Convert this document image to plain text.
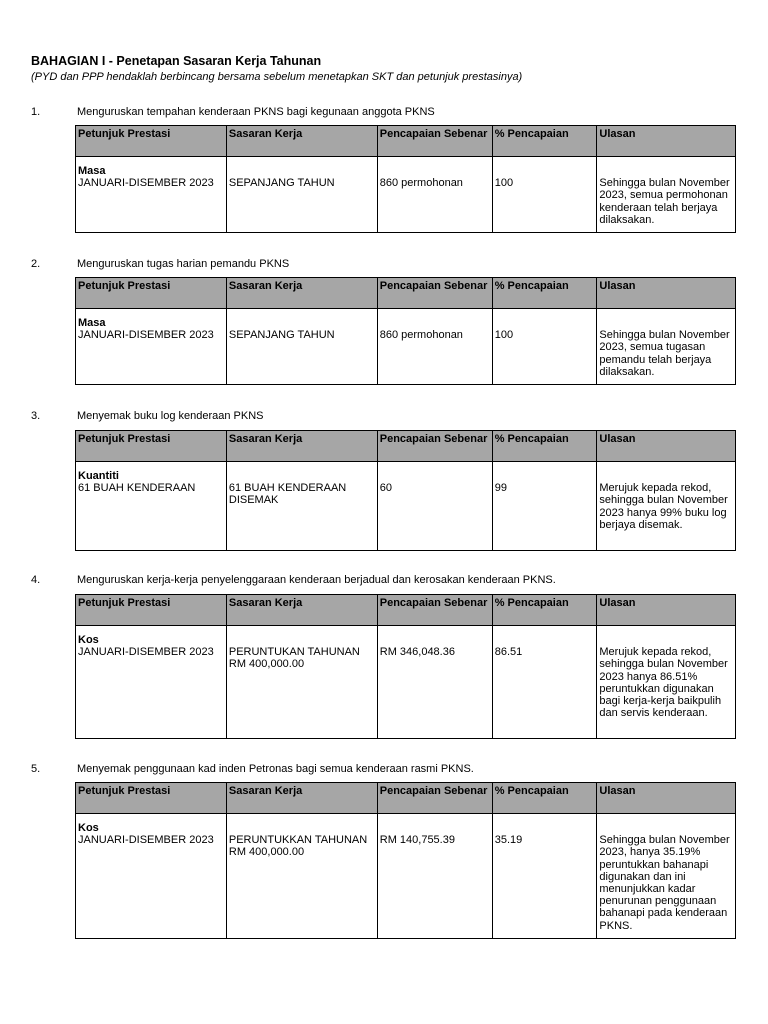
BAHAGIAN I - Penetapan Sasaran Kerja Tahunan
(PYD dan PPP hendaklah berbincang bersama sebelum menetapkan SKT dan petunjuk prestasinya)
1.	Menguruskan tempahan kenderaan PKNS bagi kegunaan anggota PKNS
Petunjuk Prestasi	Sasaran Kerja	Pencapaian Sebenar	% Pencapaian	Ulasan

Masa
JANUARI-DISEMBER 2023	SEPANJANG TAHUN	860 permohonan	100	Sehingga bulan November 2023, semua permohonan kenderaan telah berjaya dilaksakan.
2.	Menguruskan tugas harian pemandu PKNS
Petunjuk Prestasi	Sasaran Kerja	Pencapaian Sebenar	% Pencapaian	Ulasan

Masa
JANUARI-DISEMBER 2023	SEPANJANG TAHUN	860 permohonan	100	Sehingga bulan November 2023, semua tugasan pemandu telah berjaya dilaksakan.
3.	Menyemak buku log kenderaan PKNS
Petunjuk Prestasi	Sasaran Kerja	Pencapaian Sebenar	% Pencapaian	Ulasan

Kuantiti
61 BUAH KENDERAAN	61 BUAH KENDERAAN DISEMAK	60	99	Merujuk kepada rekod, sehingga bulan November 2023 hanya 99% buku log berjaya disemak.
4.	Menguruskan kerja-kerja penyelenggaraan kenderaan berjadual dan kerosakan kenderaan PKNS.
Petunjuk Prestasi	Sasaran Kerja	Pencapaian Sebenar	% Pencapaian	Ulasan

Kos
JANUARI-DISEMBER 2023	PERUNTUKAN TAHUNAN RM 400,000.00	RM 346,048.36	86.51	Merujuk kepada rekod, sehingga bulan November 2023 hanya 86.51% peruntukkan digunakan bagi kerja-kerja baikpulih dan servis kenderaan.
5.	Menyemak penggunaan kad inden Petronas bagi semua kenderaan rasmi PKNS.
Petunjuk Prestasi	Sasaran Kerja	Pencapaian Sebenar	% Pencapaian	Ulasan

Kos
JANUARI-DISEMBER 2023	PERUNTUKKAN TAHUNAN RM 400,000.00	RM 140,755.39	35.19	Sehingga bulan November 2023, hanya 35.19% peruntukkan bahanapi digunakan dan ini menunjukkan kadar penurunan penggunaan bahanapi pada kenderaan PKNS.
